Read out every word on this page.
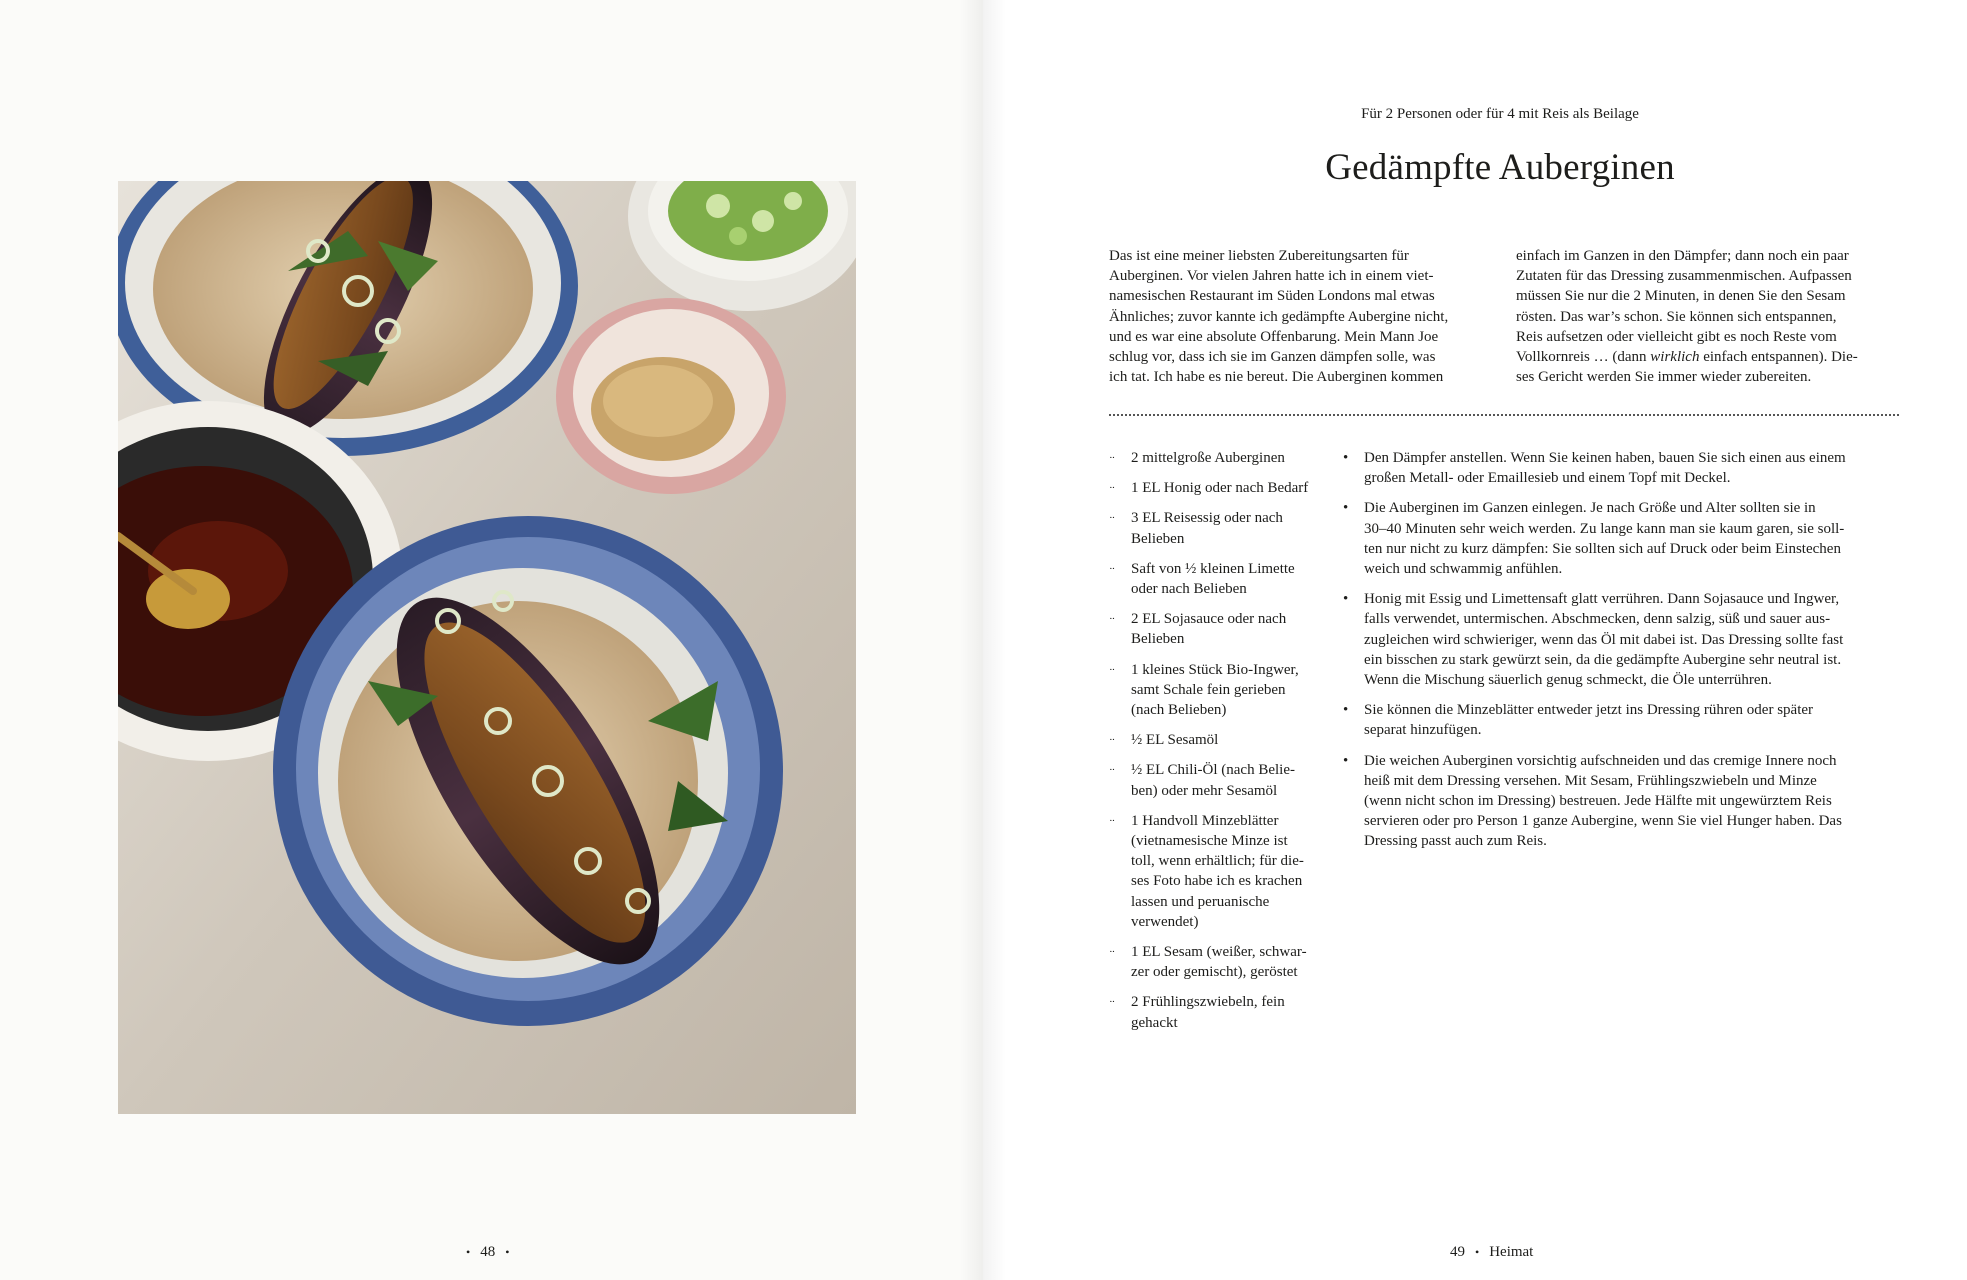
• 48 •
Für 2 Personen oder für 4 mit Reis als Beilage
Gedämpfte Auberginen

Das ist eine meiner liebsten Zubereitungsarten für
Auberginen. Vor vielen Jahren hatte ich in einem viet-
namesischen Restaurant im Süden Londons mal etwas
Ähnliches; zuvor kannte ich gedämpfte Aubergine nicht,
und es war eine absolute Offenbarung. Mein Mann Joe
schlug vor, dass ich sie im Ganzen dämpfen solle, was
ich tat. Ich habe es nie bereut. Die Auberginen kommen

einfach im Ganzen in den Dämpfer; dann noch ein paar
Zutaten für das Dressing zusammenmischen. Aufpassen
müssen Sie nur die 2 Minuten, in denen Sie den Sesam
rösten. Das war’s schon. Sie können sich entspannen,
Reis aufsetzen oder vielleicht gibt es noch Reste vom
Vollkornreis … (dann wirklich einfach entspannen). Die-
ses Gericht werden Sie immer wieder zubereiten.

·· 2 mittelgroße Auberginen
·· 1 EL Honig oder nach Bedarf
·· 3 EL Reisessig oder nach
Belieben
·· Saft von ½ kleinen Limette
oder nach Belieben
·· 2 EL Sojasauce oder nach
Belieben
·· 1 kleines Stück Bio-Ingwer,
samt Schale fein gerieben
(nach Belieben)
·· ½ EL Sesamöl
·· ½ EL Chili-Öl (nach Belie-
ben) oder mehr Sesamöl
·· 1 Handvoll Minzeblätter
(vietnamesische Minze ist
toll, wenn erhältlich; für die-
ses Foto habe ich es krachen
lassen und peruanische
verwendet)
·· 1 EL Sesam (weißer, schwar-
zer oder gemischt), geröstet
·· 2 Frühlingszwiebeln, fein
gehackt
• Den Dämpfer anstellen. Wenn Sie keinen haben, bauen Sie sich einen aus einem
großen Metall- oder Emaillesieb und einem Topf mit Deckel.
• Die Auberginen im Ganzen einlegen. Je nach Größe und Alter sollten sie in
30–40 Minuten sehr weich werden. Zu lange kann man sie kaum garen, sie soll-
ten nur nicht zu kurz dämpfen: Sie sollten sich auf Druck oder beim Einstechen
weich und schwammig anfühlen.
• Honig mit Essig und Limettensaft glatt verrühren. Dann Sojasauce und Ingwer,
falls verwendet, untermischen. Abschmecken, denn salzig, süß und sauer aus-
zugleichen wird schwieriger, wenn das Öl mit dabei ist. Das Dressing sollte fast
ein bisschen zu stark gewürzt sein, da die gedämpfte Aubergine sehr neutral ist.
Wenn die Mischung säuerlich genug schmeckt, die Öle unterrühren.
• Sie können die Minzeblätter entweder jetzt ins Dressing rühren oder später
separat hinzufügen.
• Die weichen Auberginen vorsichtig aufschneiden und das cremige Innere noch
heiß mit dem Dressing versehen. Mit Sesam, Frühlingszwiebeln und Minze
(wenn nicht schon im Dressing) bestreuen. Jede Hälfte mit ungewürztem Reis
servieren oder pro Person 1 ganze Aubergine, wenn Sie viel Hunger haben. Das
Dressing passt auch zum Reis.
49 • Heimat
